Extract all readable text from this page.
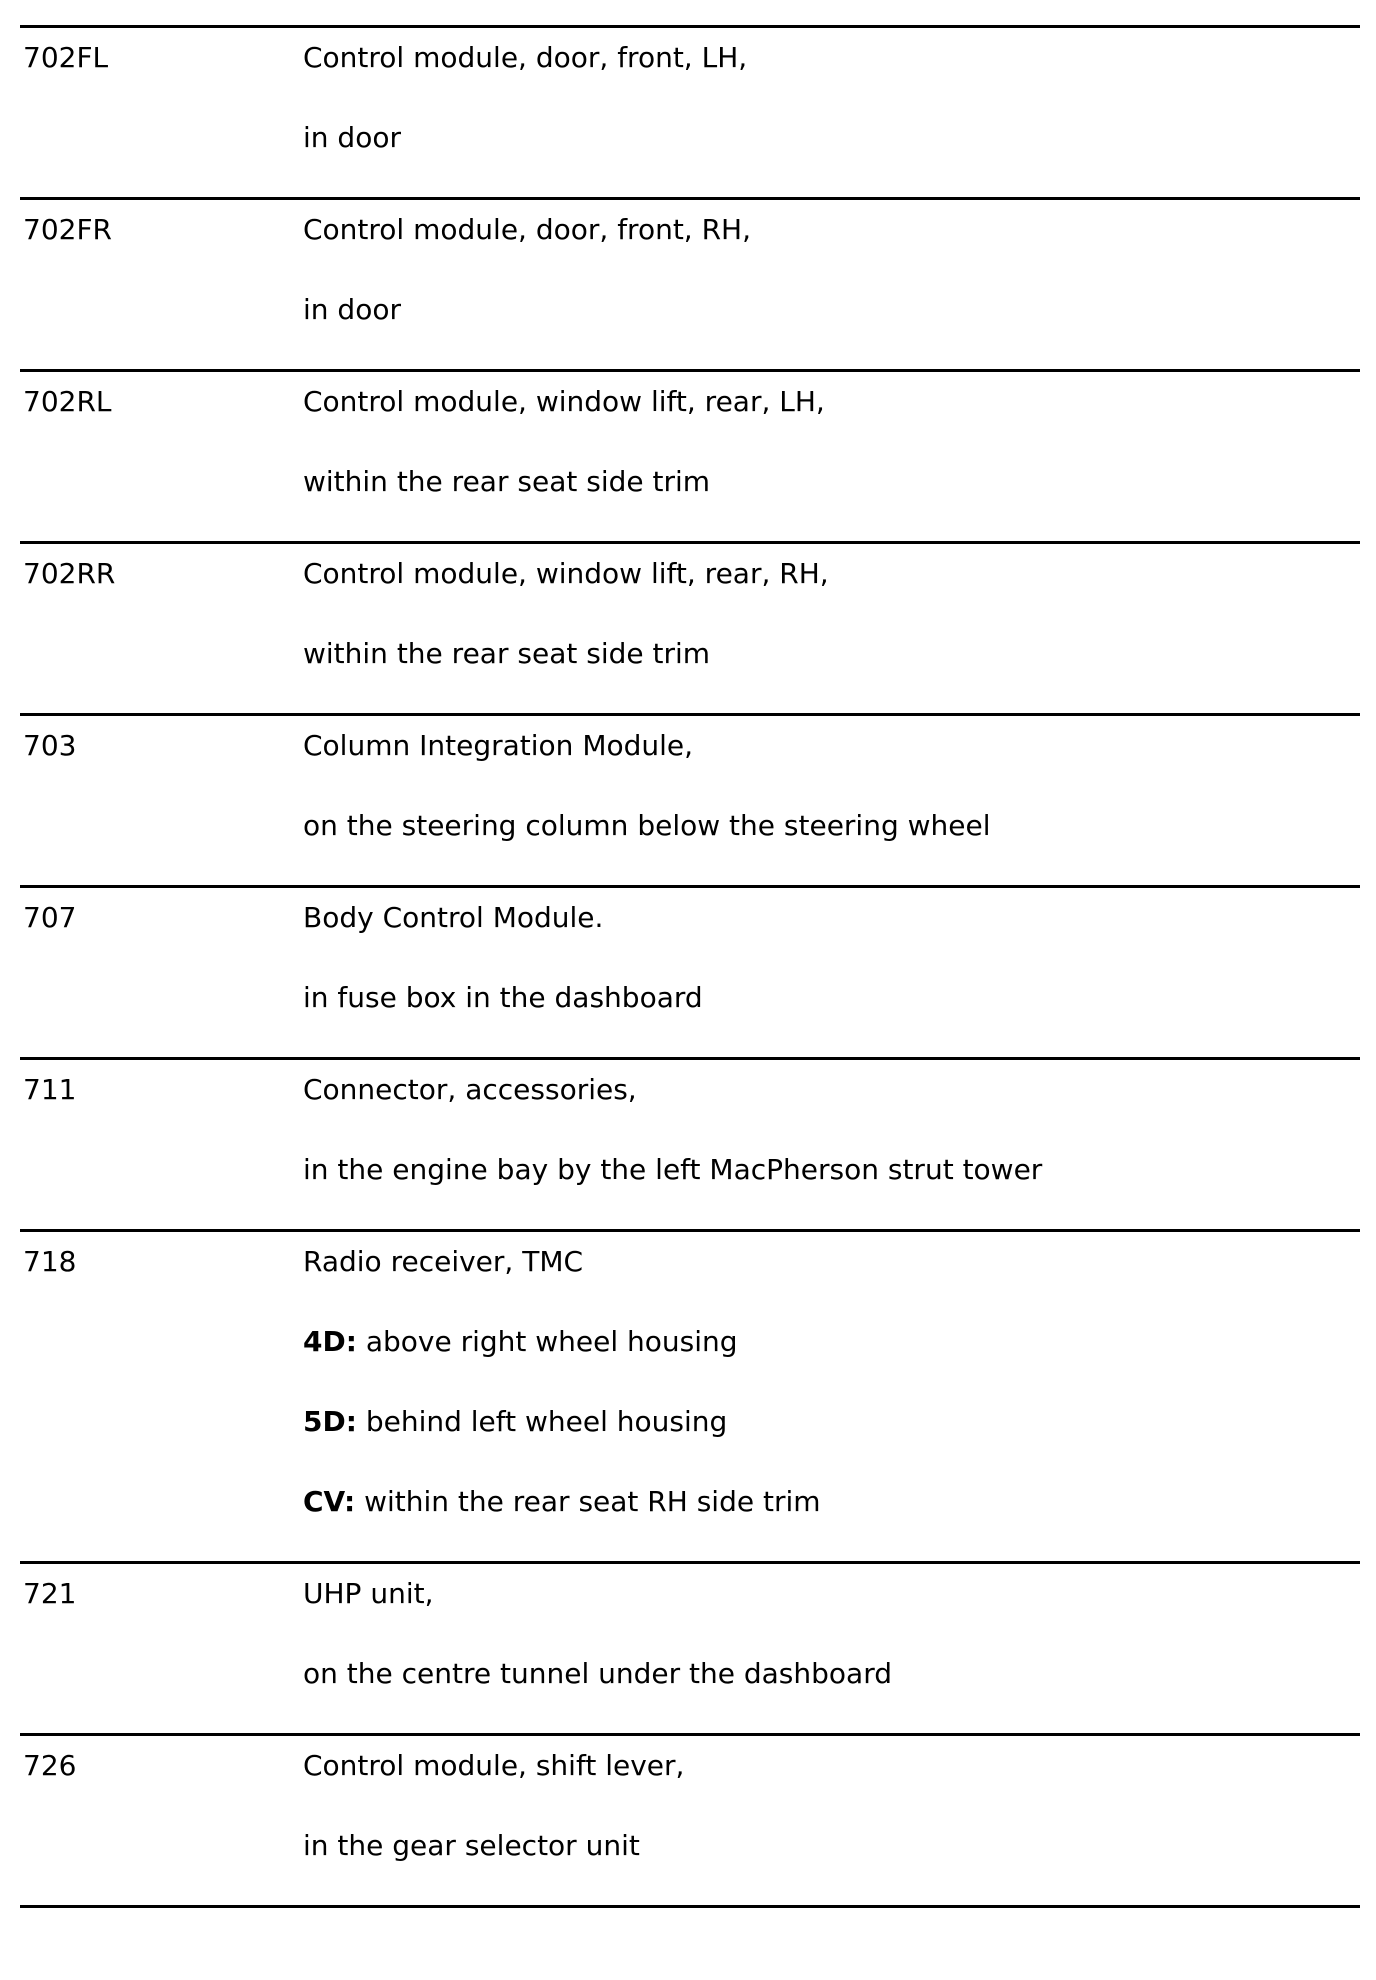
702FL	Control module, door, front, LH,
in door
702FR	Control module, door, front, RH,
in door
702RL	Control module, window lift, rear, LH,
within the rear seat side trim
702RR	Control module, window lift, rear, RH,
within the rear seat side trim
703	Column Integration Module,
on the steering column below the steering wheel
707	Body Control Module.
in fuse box in the dashboard
711	Connector, accessories,
in the engine bay by the left MacPherson strut tower
718	Radio receiver, TMC
4D: above right wheel housing
5D: behind left wheel housing
CV: within the rear seat RH side trim
721	UHP unit,
on the centre tunnel under the dashboard
726	Control module, shift lever,
in the gear selector unit
